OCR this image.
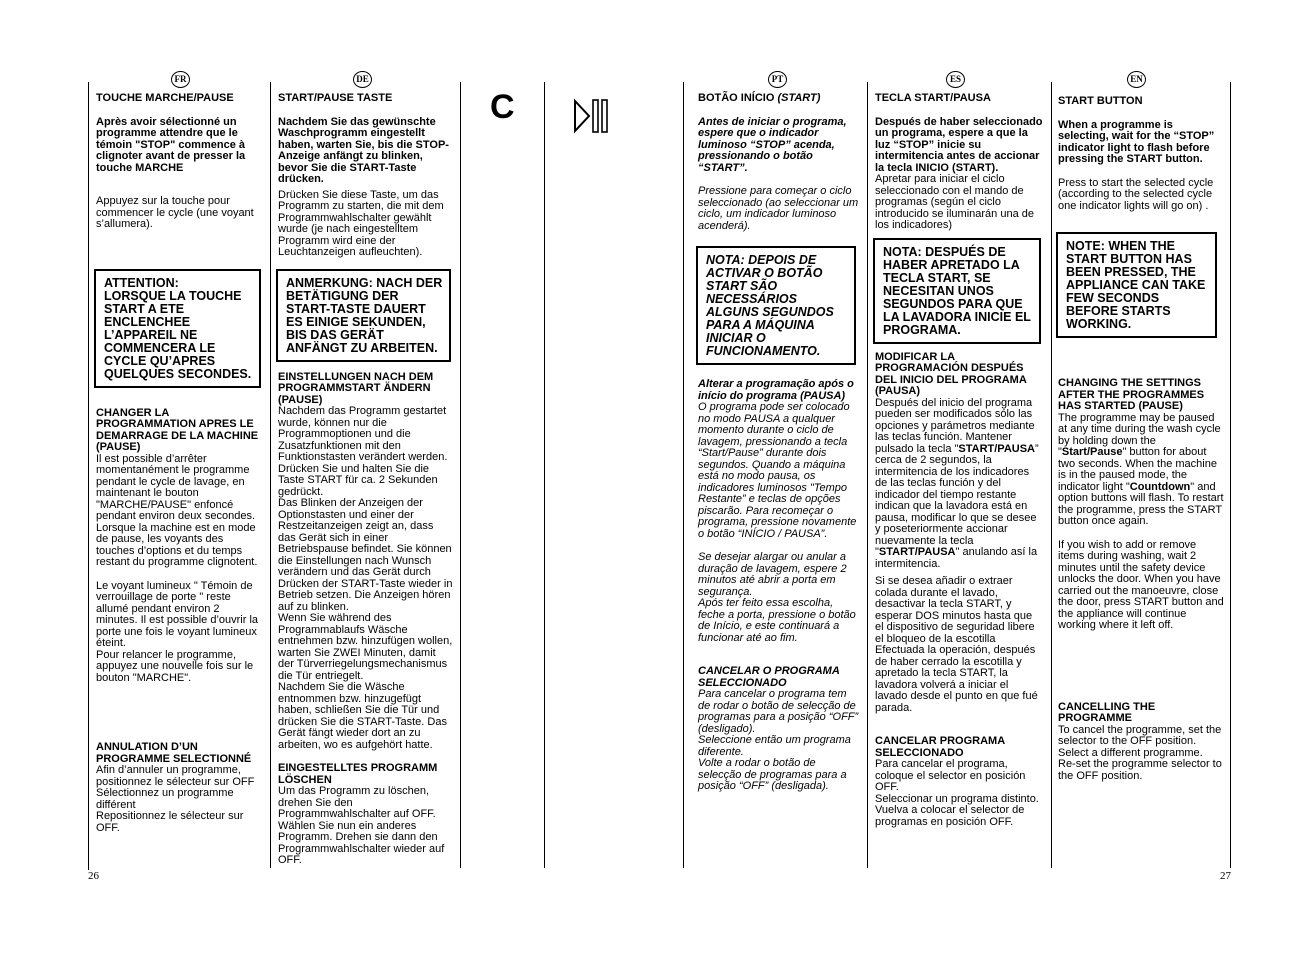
FR	DE	PT	ES	EN
C

TOUCHE MARCHE/PAUSE

Après avoir sélectionné un programme attendre que le témoin "STOP" commence à clignoter avant de presser la touche MARCHE

Appuyez sur la touche pour commencer le cycle (une voyant s’allumera).

ATTENTION:
LORSQUE LA TOUCHE START A ETE ENCLENCHEE L’APPAREIL NE COMMENCERA LE CYCLE QU’APRES QUELQUES SECONDES.

CHANGER LA PROGRAMMATION APRES LE DEMARRAGE DE LA MACHINE (PAUSE)

Il est possible d’arrêter momentanément le programme pendant le cycle de lavage, en maintenant le bouton "MARCHE/PAUSE" enfoncé pendant environ deux secondes. Lorsque la machine est en mode de pause, les voyants des touches d’options et du temps restant du programme clignotent.

Le voyant lumineux " Témoin de verrouillage de porte " reste allumé pendant environ 2 minutes. Il est possible d’ouvrir la porte une fois le voyant lumineux éteint.
Pour relancer le programme, appuyez une nouvelle fois sur le bouton "MARCHE".

ANNULATION D’UN PROGRAMME SELECTIONNÉ

Afin d’annuler un programme, positionnez le sélecteur sur OFF
Sélectionnez un programme différent
Repositionnez le sélecteur sur OFF.

START/PAUSE TASTE

Nachdem Sie das gewünschte Waschprogramm eingestellt haben, warten Sie, bis die STOP-Anzeige anfängt zu blinken, bevor Sie die START-Taste drücken.

Drücken Sie diese Taste, um das Programm zu starten, die mit dem Programmwahlschalter gewählt wurde (je nach eingestelltem Programm wird eine der Leuchtanzeigen aufleuchten).

ANMERKUNG: NACH DER BETÄTIGUNG DER START-TASTE DAUERT ES EINIGE SEKUNDEN, BIS DAS GERÄT ANFÄNGT ZU ARBEITEN.

EINSTELLUNGEN NACH DEM PROGRAMMSTART ÄNDERN (PAUSE)

Nachdem das Programm gestartet wurde, können nur die Programmoptionen und die Zusatzfunktionen mit den Funktionstasten verändert werden.
Drücken Sie und halten Sie die Taste START für ca. 2 Sekunden gedrückt.
Das Blinken der Anzeigen der Optionstasten und einer der Restzeitanzeigen zeigt an, dass das Gerät sich in einer Betriebspause befindet. Sie können die Einstellungen nach Wunsch verändern und das Gerät durch Drücken der START-Taste wieder in Betrieb setzen. Die Anzeigen hören auf zu blinken.
Wenn Sie während des Programmablaufs Wäsche entnehmen bzw. hinzufügen wollen, warten Sie ZWEI Minuten, damit der Türverriegelungsmechanismus die Tür entriegelt.
Nachdem Sie die Wäsche entnommen bzw. hinzugefügt haben, schließen Sie die Tür und drücken Sie die START-Taste. Das Gerät fängt wieder dort an zu arbeiten, wo es aufgehört hatte.

EINGESTELLTES PROGRAMM LÖSCHEN

Um das Programm zu löschen, drehen Sie den Programmwahlschalter auf OFF. Wählen Sie nun ein anderes Programm. Drehen sie dann den Programmwahlschalter wieder auf OFF.

BOTÃO INÍCIO (START)

Antes de iniciar o programa, espere que o indicador luminoso “STOP” acenda, pressionando o botão “START”.

Pressione para começar o ciclo seleccionado (ao seleccionar um ciclo, um indicador luminoso acenderá).

NOTA: DEPOIS DE ACTIVAR O BOTÃO START SÃO NECESSÁRIOS ALGUNS SEGUNDOS PARA A MÁQUINA INICIAR O FUNCIONAMENTO.

Alterar a programação após o início do programa (PAUSA)

O programa pode ser colocado no modo PAUSA a qualquer momento durante o ciclo de lavagem, pressionando a tecla “Start/Pause” durante dois segundos. Quando a máquina está no modo pausa, os indicadores luminosos "Tempo Restante” e teclas de opções piscarão. Para recomeçar o programa, pressione novamente o botão “INÍCIO / PAUSA”.

Se desejar alargar ou anular a duração de lavagem, espere 2 minutos até abrir a porta em segurança.
Após ter feito essa escolha, feche a porta, pressione o botão de Início, e este continuará a funcionar até ao fim.

CANCELAR O PROGRAMA SELECCIONADO

Para cancelar o programa tem de rodar o botão de selecção de programas para a posição “OFF” (desligado).
Seleccione então um programa diferente.
Volte a rodar o botão de selecção de programas para a posição “OFF” (desligada).

TECLA START/PAUSA

Después de haber seleccionado un programa, espere a que la luz “STOP” inicie su intermitencia antes de accionar la tecla INICIO (START).

Apretar para iniciar el ciclo seleccionado con el mando de programas (según el ciclo introducido se iluminarán una de los indicadores)

NOTA: DESPUÉS DE HABER APRETADO LA TECLA START, SE NECESITAN UNOS SEGUNDOS PARA QUE LA LAVADORA INICIE EL PROGRAMA.

MODIFICAR LA PROGRAMACIÓN DESPUÉS DEL INICIO DEL PROGRAMA (PAUSA)

Después del inicio del programa pueden ser modificados sólo las opciones y parámetros mediante las teclas función. Mantener pulsado la tecla "START/PAUSA” cerca de 2 segundos, la intermitencia de los indicadores de las teclas función y del indicador del tiempo restante indican que la lavadora está en pausa, modificar lo que se desee y poseteriormente accionar nuevamente la tecla "START/PAUSA" anulando así la intermitencia.

Si se desea añadir o extraer colada durante el lavado, desactivar la tecla START, y esperar DOS minutos hasta que el dispositivo de seguridad libere el bloqueo de la escotilla Efectuada la operación, después de haber cerrado la escotilla y apretado la tecla START, la lavadora volverá a iniciar el lavado desde el punto en que fué parada.

CANCELAR PROGRAMA SELECCIONADO

Para cancelar el programa, coloque el selector en posición OFF.
Seleccionar un programa distinto. Vuelva a colocar el selector de programas en posición OFF.

START BUTTON

When a programme is selecting, wait for the “STOP” indicator light to flash before pressing the START button.

Press to start the selected cycle (according to the selected cycle one indicator lights will go on) .

NOTE: WHEN THE START BUTTON HAS BEEN PRESSED, THE APPLIANCE CAN TAKE FEW SECONDS BEFORE STARTS WORKING.

CHANGING THE SETTINGS AFTER THE PROGRAMMES HAS STARTED (PAUSE)

The programme may be paused at any time during the wash cycle by holding down the "Start/Pause" button for about two seconds. When the machine is in the paused mode, the indicator light "Countdown" and option buttons will flash. To restart the programme, press the START button once again.

If you wish to add or remove items during washing, wait 2 minutes until the safety device unlocks the door. When you have carried out the manoeuvre, close the door, press START button and the appliance will continue working where it left off.

CANCELLING THE PROGRAMME

To cancel the programme, set the selector to the OFF position.
Select a different programme.
Re-set the programme selector to the OFF position.

26	27
